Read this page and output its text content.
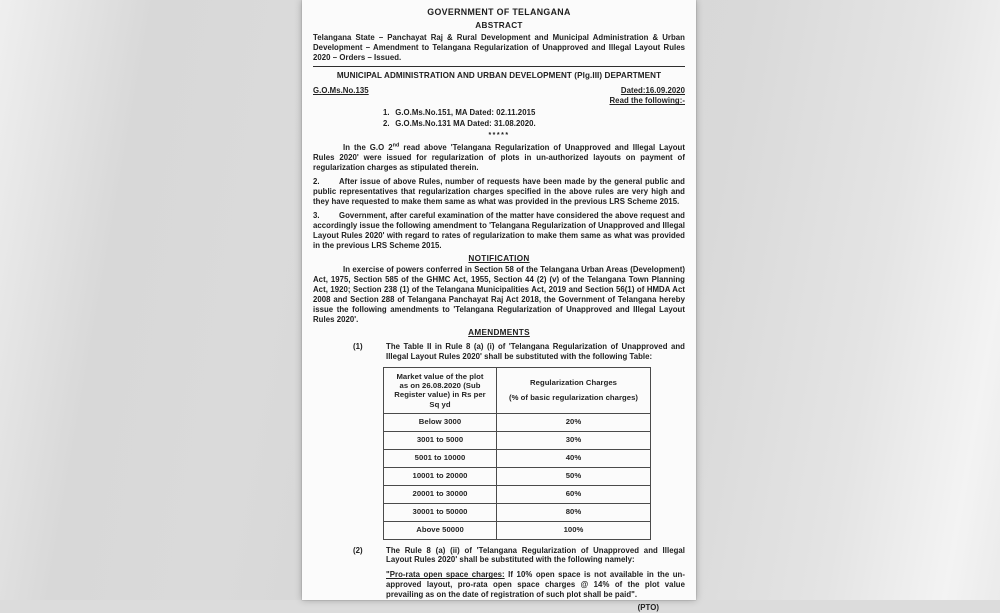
GOVERNMENT OF TELANGANA
ABSTRACT

Telangana State – Panchayat Raj & Rural Development and Municipal Administration & Urban Development – Amendment to Telangana Regularization of Unapproved and Illegal Layout Rules 2020 – Orders – Issued.

MUNICIPAL ADMINISTRATION AND URBAN DEVELOPMENT (Plg.III) DEPARTMENT
G.O.Ms.No.135	Dated:16.09.2020
Read the following:-
1. G.O.Ms.No.151, MA Dated: 02.11.2015
2. G.O.Ms.No.131 MA Dated: 31.08.2020.
*****

In the G.O 2nd read above 'Telangana Regularization of Unapproved and Illegal Layout Rules 2020' were issued for regularization of plots in un-authorized layouts on payment of regularization charges as stipulated therein.

2. After issue of above Rules, number of requests have been made by the general public and public representatives that regularization charges specified in the above rules are very high and they have requested to make them same as what was provided in the previous LRS Scheme 2015.

3. Government, after careful examination of the matter have considered the above request and accordingly issue the following amendment to 'Telangana Regularization of Unapproved and Illegal Layout Rules 2020' with regard to rates of regularization to make them same as what was provided in the previous LRS Scheme 2015.

NOTIFICATION

In exercise of powers conferred in Section 58 of the Telangana Urban Areas (Development) Act, 1975, Section 585 of the GHMC Act, 1955, Section 44 (2) (v) of the Telangana Town Planning Act, 1920; Section 238 (1) of the Telangana Municipalities Act, 2019 and Section 56(1) of HMDA Act 2008 and Section 288 of Telangana Panchayat Raj Act 2018, the Government of Telangana hereby issue the following amendments to 'Telangana Regularization of Unapproved and Illegal Layout Rules 2020'.

AMENDMENTS
(1)	The Table II in Rule 8 (a) (i) of 'Telangana Regularization of Unapproved and Illegal Layout Rules 2020' shall be substituted with the following Table:
Market value of the plot as on 26.08.2020 (Sub Register value) in Rs per Sq yd	Regularization Charges
(% of basic regularization charges)

Below 3000	20%
3001 to 5000	30%
5001 to 10000	40%
10001 to 20000	50%
20001 to 30000	60%
30001 to 50000	80%
Above 50000	100%
(2)	The Rule 8 (a) (ii) of 'Telangana Regularization of Unapproved and Illegal Layout Rules 2020' shall be substituted with the following namely:
"Pro-rata open space charges: If 10% open space is not available in the un-approved layout, pro-rata open space charges @ 14% of the plot value prevailing as on the date of registration of such plot shall be paid".
(PTO)
